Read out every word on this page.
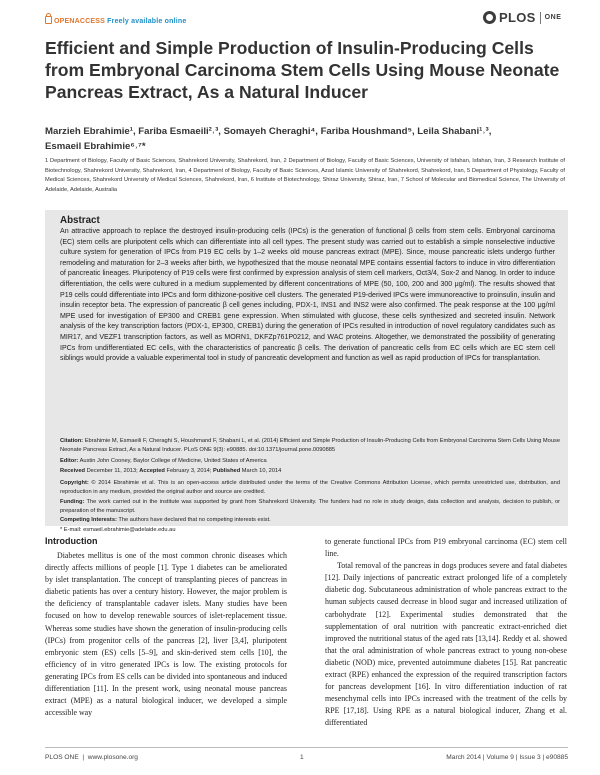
OPENACCESS Freely available online	PLOS ONE
Efficient and Simple Production of Insulin-Producing Cells from Embryonal Carcinoma Stem Cells Using Mouse Neonate Pancreas Extract, As a Natural Inducer
Marzieh Ebrahimie¹, Fariba Esmaeili²˒³, Somayeh Cheraghi⁴, Fariba Houshmand⁵, Leila Shabani¹˒³,
Esmaeil Ebrahimie⁶˒⁷*
1 Department of Biology, Faculty of Basic Sciences, Shahrekord University, Shahrekord, Iran, 2 Department of Biology, Faculty of Basic Sciences, University of Isfahan, Isfahan, Iran, 3 Research Institute of Biotechnology, Shahrekord University, Shahrekord, Iran, 4 Department of Biology, Faculty of Basic Sciences, Azad Islamic University of Shahrekord, Shahrekord, Iran, 5 Department of Physiology, Faculty of Medical Sciences, Shahrekord University of Medical Sciences, Shahrekord, Iran, 6 Institute of Biotechnology, Shiraz University, Shiraz, Iran, 7 School of Molecular and Biomedical Science, The University of Adelaide, Adelaide, Australia
Abstract
An attractive approach to replace the destroyed insulin-producing cells (IPCs) is the generation of functional β cells from stem cells. Embryonal carcinoma (EC) stem cells are pluripotent cells which can differentiate into all cell types. The present study was carried out to establish a simple nonselective inductive culture system for generation of IPCs from P19 EC cells by 1–2 weeks old mouse pancreas extract (MPE). Since, mouse pancreatic islets undergo further remodeling and maturation for 2–3 weeks after birth, we hypothesized that the mouse neonatal MPE contains essential factors to induce in vitro differentiation of pancreatic lineages. Pluripotency of P19 cells were first confirmed by expression analysis of stem cell markers, Oct3/4, Sox-2 and Nanog. In order to induce differentiation, the cells were cultured in a medium supplemented by different concentrations of MPE (50, 100, 200 and 300 μg/ml). The results showed that P19 cells could differentiate into IPCs and form dithizone-positive cell clusters. The generated P19-derived IPCs were immunoreactive to proinsulin, insulin and insulin receptor beta. The expression of pancreatic β cell genes including, PDX-1, INS1 and INS2 were also confirmed. The peak response at the 100 μg/ml MPE used for investigation of EP300 and CREB1 gene expression. When stimulated with glucose, these cells synthesized and secreted insulin. Network analysis of the key transcription factors (PDX-1, EP300, CREB1) during the generation of IPCs resulted in introduction of novel regulatory candidates such as MIR17, and VEZF1 transcription factors, as well as MORN1, DKFZp761P0212, and WAC proteins. Altogether, we demonstrated the possibility of generating IPCs from undifferentiated EC cells, with the characteristics of pancreatic β cells. The derivation of pancreatic cells from EC cells which are EC stem cell siblings would provide a valuable experimental tool in study of pancreatic development and function as well as rapid production of IPCs for transplantation.
Citation: Ebrahimie M, Esmaeili F, Cheraghi S, Houshmand F, Shabani L, et al. (2014) Efficient and Simple Production of Insulin-Producing Cells from Embryonal Carcinoma Stem Cells Using Mouse Neonate Pancreas Extract, As a Natural Inducer. PLoS ONE 9(3): e90885. doi:10.1371/journal.pone.0090885
Editor: Austin John Cooney, Baylor College of Medicine, United States of America
Received December 11, 2013; Accepted February 3, 2014; Published March 10, 2014
Copyright: © 2014 Ebrahimie et al. This is an open-access article distributed under the terms of the Creative Commons Attribution License, which permits unrestricted use, distribution, and reproduction in any medium, provided the original author and source are credited.
Funding: The work carried out in the institute was supported by grant from Shahrekord University. The funders had no role in study design, data collection and analysis, decision to publish, or preparation of the manuscript.
Competing Interests: The authors have declared that no competing interests exist.
* E-mail: esmaeil.ebrahimie@adelaide.edu.au
Introduction

Diabetes mellitus is one of the most common chronic diseases which directly affects millions of people [1]. Type 1 diabetes can be ameliorated by islet transplantation. The concept of transplanting pieces of pancreas in diabetic patients has over a century history. However, the major problem is the deficiency of transplantable cadaver islets. Many studies have been focused on how to develop renewable sources of islet-replacement tissue. Whereas some studies have shown the generation of insulin-producing cells (IPCs) from progenitor cells of the pancreas [2], liver [3,4], pluripotent embryonic stem (ES) cells [5–9], and skin-derived stem cells [10], the efficiency of in vitro generated IPCs is low. The existing protocols for generating IPCs from ES cells can be divided into spontaneous and induced differentiation [11]. In the present work, using neonatal mouse pancreas extract (MPE) as a natural biological inducer, we developed a simple accessible way

to generate functional IPCs from P19 embryonal carcinoma (EC) stem cell line.

Total removal of the pancreas in dogs produces severe and fatal diabetes [12]. Daily injections of pancreatic extract prolonged life of a completely diabetic dog. Subcutaneous administration of whole pancreas extract to the human subjects caused decrease in blood sugar and increased utilization of carbohydrate [12]. Experimental studies demonstrated that the supplementation of oral nutrition with pancreatic extract-enriched diet improved the nutritional status of the aged rats [13,14]. Reddy et al. showed that the oral administration of whole pancreas extract to young non-obese diabetic (NOD) mice, prevented autoimmune diabetes [15]. Rat pancreatic extract (RPE) enhanced the expression of the required transcription factors for pancreas development [16]. In vitro differentiation induction of rat mesenchymal cells into IPCs increased with the treatment of the cells by RPE [17,18]. Using RPE as a natural biological inducer, Zhang et al. differentiated

PLOS ONE  |  www.plosone.org	1	March 2014 | Volume 9 | Issue 3 | e90885
